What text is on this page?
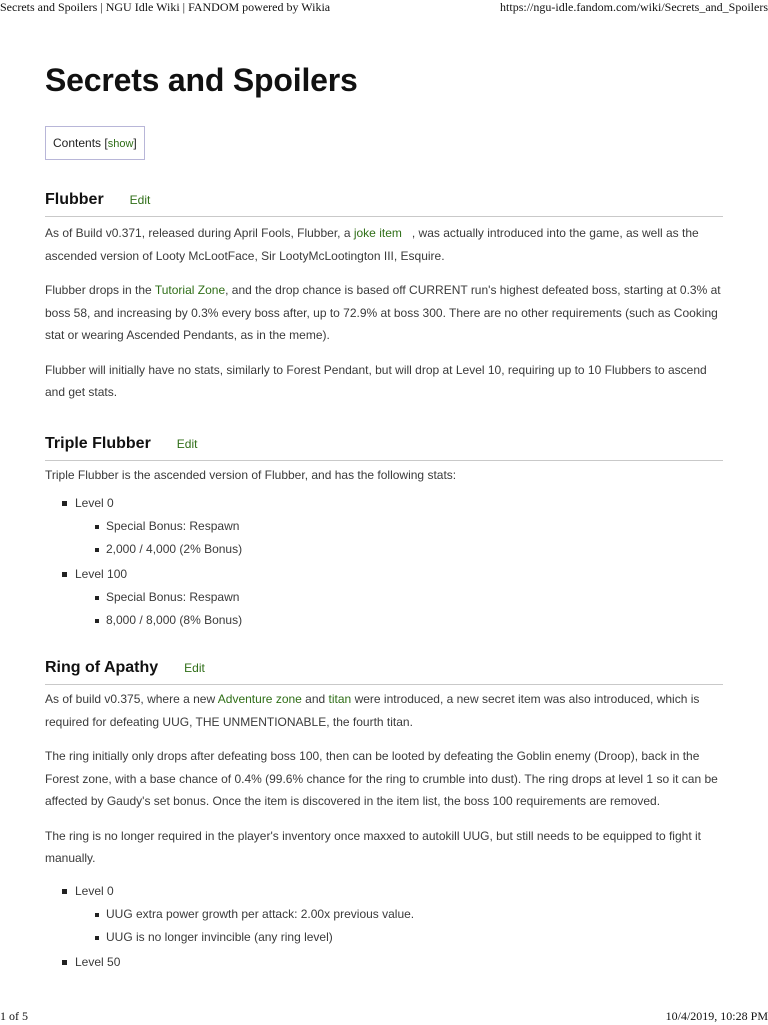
Secrets and Spoilers | NGU Idle Wiki | FANDOM powered by Wikia	https://ngu-idle.fandom.com/wiki/Secrets_and_Spoilers
Secrets and Spoilers
Contents [show]
Flubber Edit

As of Build v0.371, released during April Fools, Flubber, a joke item   , was actually introduced into the game, as well as the ascended version of Looty McLootFace, Sir LootyMcLootington III, Esquire.

Flubber drops in the Tutorial Zone, and the drop chance is based off CURRENT run's highest defeated boss, starting at 0.3% at boss 58, and increasing by 0.3% every boss after, up to 72.9% at boss 300. There are no other requirements (such as Cooking stat or wearing Ascended Pendants, as in the meme).

Flubber will initially have no stats, similarly to Forest Pendant, but will drop at Level 10, requiring up to 10 Flubbers to ascend and get stats.

Triple Flubber Edit

Triple Flubber is the ascended version of Flubber, and has the following stats:

Level 0
Special Bonus: Respawn
2,000 / 4,000 (2% Bonus)
Level 100
Special Bonus: Respawn
8,000 / 8,000 (8% Bonus)
Ring of Apathy Edit

As of build v0.375, where a new Adventure zone and titan were introduced, a new secret item was also introduced, which is required for defeating UUG, THE UNMENTIONABLE, the fourth titan.

The ring initially only drops after defeating boss 100, then can be looted by defeating the Goblin enemy (Droop), back in the Forest zone, with a base chance of 0.4% (99.6% chance for the ring to crumble into dust). The ring drops at level 1 so it can be affected by Gaudy's set bonus. Once the item is discovered in the item list, the boss 100 requirements are removed.

The ring is no longer required in the player's inventory once maxxed to autokill UUG, but still needs to be equipped to fight it manually.

Level 0
UUG extra power growth per attack: 2.00x previous value.
UUG is no longer invincible (any ring level)
Level 50
1 of 5	10/4/2019, 10:28 PM
